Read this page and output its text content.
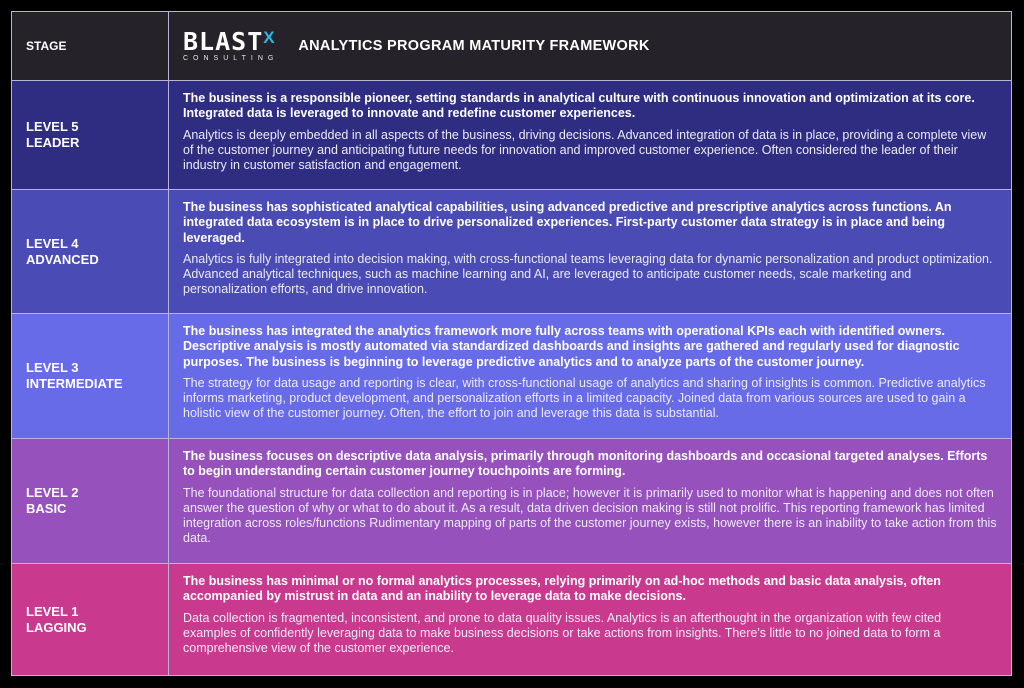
STAGE	$BLAST^X$
CONSULTING
ANALYTICS PROGRAM MATURITY FRAMEWORK
LEVEL 5
LEADER
The business is a responsible pioneer, setting standards in analytical culture with continuous innovation and optimization at its core. Integrated data is leveraged to innovate and redefine customer experiences.
Analytics is deeply embedded in all aspects of the business, driving decisions. Advanced integration of data is in place, providing a complete view of the customer journey and anticipating future needs for innovation and improved customer experience. Often considered the leader of their industry in customer satisfaction and engagement.
LEVEL 4
ADVANCED
The business has sophisticated analytical capabilities, using advanced predictive and prescriptive analytics across functions. An integrated data ecosystem is in place to drive personalized experiences. First-party customer data strategy is in place and being leveraged.
Analytics is fully integrated into decision making, with cross-functional teams leveraging data for dynamic personalization and product optimization. Advanced analytical techniques, such as machine learning and AI, are leveraged to anticipate customer needs, scale marketing and personalization efforts, and drive innovation.
LEVEL 3
INTERMEDIATE
The business has integrated the analytics framework more fully across teams with operational KPIs each with identified owners. Descriptive analysis is mostly automated via standardized dashboards and insights are gathered and regularly used for diagnostic purposes. The business is beginning to leverage predictive analytics and to analyze parts of the customer journey.
The strategy for data usage and reporting is clear, with cross-functional usage of analytics and sharing of insights is common. Predictive analytics informs marketing, product development, and personalization efforts in a limited capacity. Joined data from various sources are used to gain a holistic view of the customer journey. Often, the effort to join and leverage this data is substantial.
LEVEL 2
BASIC
The business focuses on descriptive data analysis, primarily through monitoring dashboards and occasional targeted analyses. Efforts to begin understanding certain customer journey touchpoints are forming.
The foundational structure for data collection and reporting is in place; however it is primarily used to monitor what is happening and does not often answer the question of why or what to do about it. As a result, data driven decision making is still not prolific. This reporting framework has limited integration across roles/functions Rudimentary mapping of parts of the customer journey exists, however there is an inability to take action from this data.
LEVEL 1
LAGGING
The business has minimal or no formal analytics processes, relying primarily on ad-hoc methods and basic data analysis, often accompanied by mistrust in data and an inability to leverage data to make decisions.
Data collection is fragmented, inconsistent, and prone to data quality issues. Analytics is an afterthought in the organization with few cited examples of confidently leveraging data to make business decisions or take actions from insights. There's little to no joined data to form a comprehensive view of the customer experience.
